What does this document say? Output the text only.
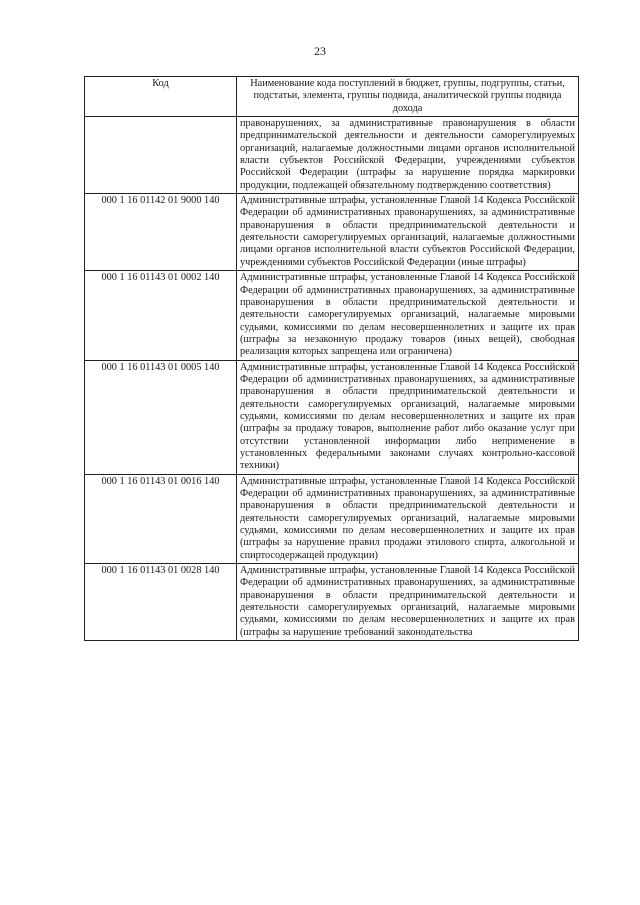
23
Код	Наименование кода поступлений в бюджет, группы, подгруппы, статьи, подстатьи, элемента, группы подвида, аналитической группы подвида дохода
	правонарушениях, за административные правонарушения в области предпринимательской деятельности и деятельности саморегулируемых организаций, налагаемые должностными лицами органов исполнительной власти субъектов Российской Федерации, учреждениями субъектов Российской Федерации (штрафы за нарушение порядка маркировки продукции, подлежащей обязательному подтверждению соответствия)
000 1 16 01142 01 9000 140	Административные штрафы, установленные Главой 14 Кодекса Российской Федерации об административных правонарушениях, за административные правонарушения в области предпринимательской деятельности и деятельности саморегулируемых организаций, налагаемые должностными лицами органов исполнительной власти субъектов Российской Федерации, учреждениями субъектов Российской Федерации (иные штрафы)
000 1 16 01143 01 0002 140	Административные штрафы, установленные Главой 14 Кодекса Российской Федерации об административных правонарушениях, за административные правонарушения в области предпринимательской деятельности и деятельности саморегулируемых организаций, налагаемые мировыми судьями, комиссиями по делам несовершеннолетних и защите их прав (штрафы за незаконную продажу товаров (иных вещей), свободная реализация которых запрещена или ограничена)
000 1 16 01143 01 0005 140	Административные штрафы, установленные Главой 14 Кодекса Российской Федерации об административных правонарушениях, за административные правонарушения в области предпринимательской деятельности и деятельности саморегулируемых организаций, налагаемые мировыми судьями, комиссиями по делам несовершеннолетних и защите их прав (штрафы за продажу товаров, выполнение работ либо оказание услуг при отсутствии установленной информации либо неприменение в установленных федеральными законами случаях контрольно-кассовой техники)
000 1 16 01143 01 0016 140	Административные штрафы, установленные Главой 14 Кодекса Российской Федерации об административных правонарушениях, за административные правонарушения в области предпринимательской деятельности и деятельности саморегулируемых организаций, налагаемые мировыми судьями, комиссиями по делам несовершеннолетних и защите их прав (штрафы за нарушение правил продажи этилового спирта, алкогольной и спиртосодержащей продукции)
000 1 16 01143 01 0028 140	Административные штрафы, установленные Главой 14 Кодекса Российской Федерации об административных правонарушениях, за административные правонарушения в области предпринимательской деятельности и деятельности саморегулируемых организаций, налагаемые мировыми судьями, комиссиями по делам несовершеннолетних и защите их прав (штрафы за нарушение требований законодательства
